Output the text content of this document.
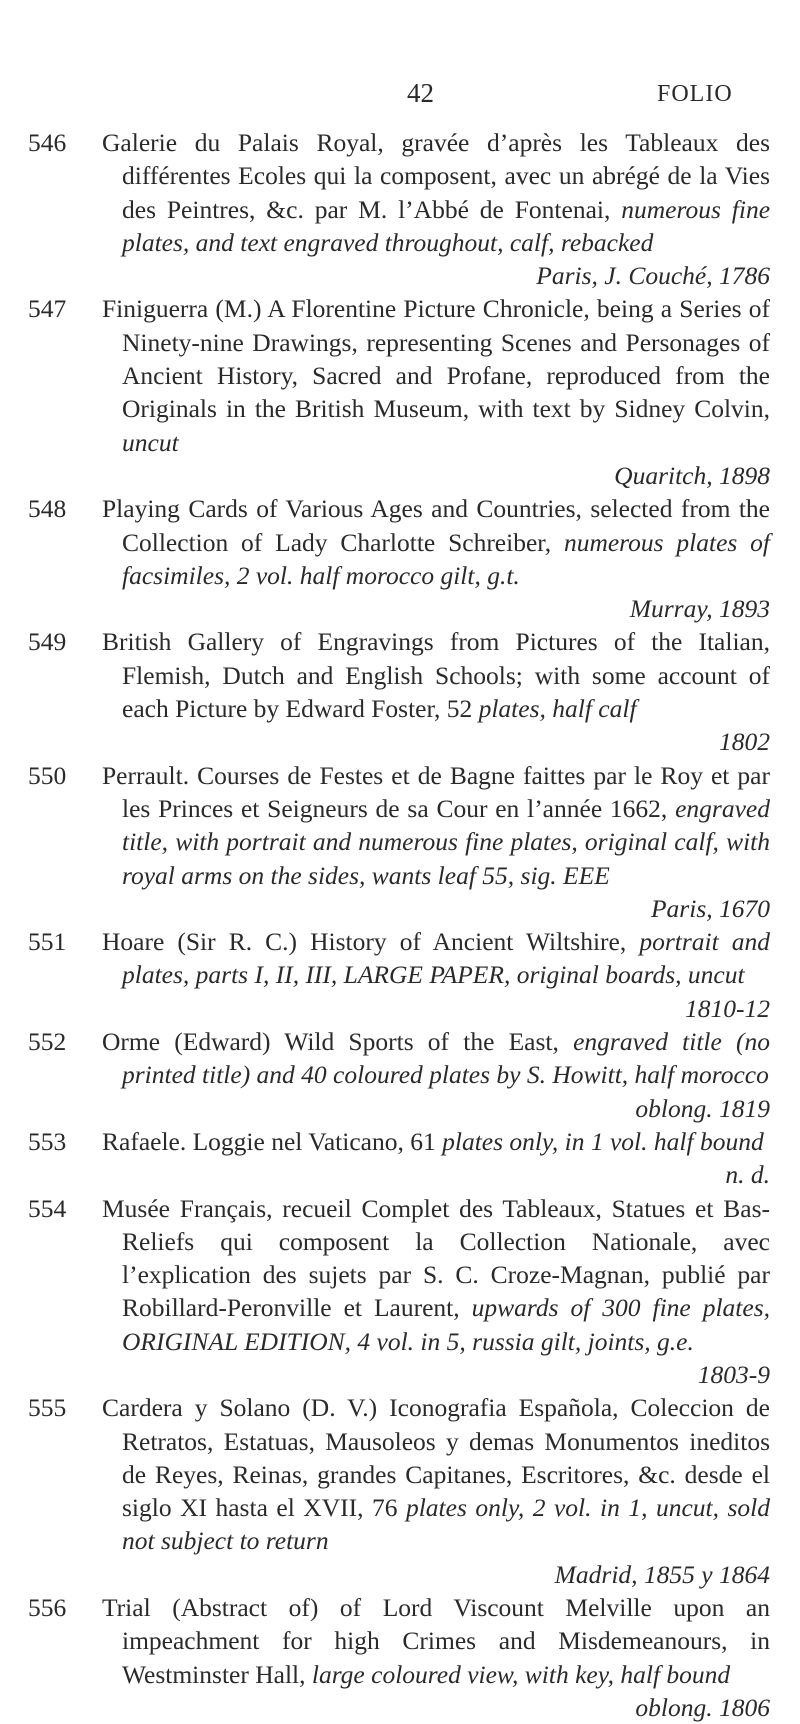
42	FOLIO
546 Galerie du Palais Royal, gravée d’après les Tableaux des différentes Ecoles qui la composent, avec un abrégé de la Vies des Peintres, &c. par M. l’Abbé de Fontenai, numerous fine plates, and text engraved throughout, calf, rebacked
Paris, J. Couché, 1786
547 Finiguerra (M.) A Florentine Picture Chronicle, being a Series of Ninety-nine Drawings, representing Scenes and Personages of Ancient History, Sacred and Profane, reproduced from the Originals in the British Museum, with text by Sidney Colvin, uncut
Quaritch, 1898
548 Playing Cards of Various Ages and Countries, selected from the Collection of Lady Charlotte Schreiber, numerous plates of facsimiles, 2 vol. half morocco gilt, g.t.
Murray, 1893
549 British Gallery of Engravings from Pictures of the Italian, Flemish, Dutch and English Schools; with some account of each Picture by Edward Foster, 52 plates, half calf
1802
550 Perrault. Courses de Festes et de Bagne faittes par le Roy et par les Princes et Seigneurs de sa Cour en l’année 1662, engraved title, with portrait and numerous fine plates, original calf, with royal arms on the sides, wants leaf 55, sig. EEE
Paris, 1670
551 Hoare (Sir R. C.) History of Ancient Wiltshire, portrait and plates, parts I, II, III, LARGE PAPER, original boards, uncut
1810-12
552 Orme (Edward) Wild Sports of the East, engraved title (no printed title) and 40 coloured plates by S. Howitt, half morocco
oblong. 1819
553 Rafaele. Loggie nel Vaticano, 61 plates only, in 1 vol. half bound
n. d.
554 Musée Français, recueil Complet des Tableaux, Statues et Bas-Reliefs qui composent la Collection Nationale, avec l’explication des sujets par S. C. Croze-Magnan, publié par Robillard-Peronville et Laurent, upwards of 300 fine plates, ORIGINAL EDITION, 4 vol. in 5, russia gilt, joints, g.e.
1803-9
555 Cardera y Solano (D. V.) Iconografia Española, Coleccion de Retratos, Estatuas, Mausoleos y demas Monumentos ineditos de Reyes, Reinas, grandes Capitanes, Escritores, &c. desde el siglo XI hasta el XVII, 76 plates only, 2 vol. in 1, uncut, sold not subject to return
Madrid, 1855 y 1864
556 Trial (Abstract of) of Lord Viscount Melville upon an impeachment for high Crimes and Misdemeanours, in Westminster Hall, large coloured view, with key, half bound
oblong. 1806
